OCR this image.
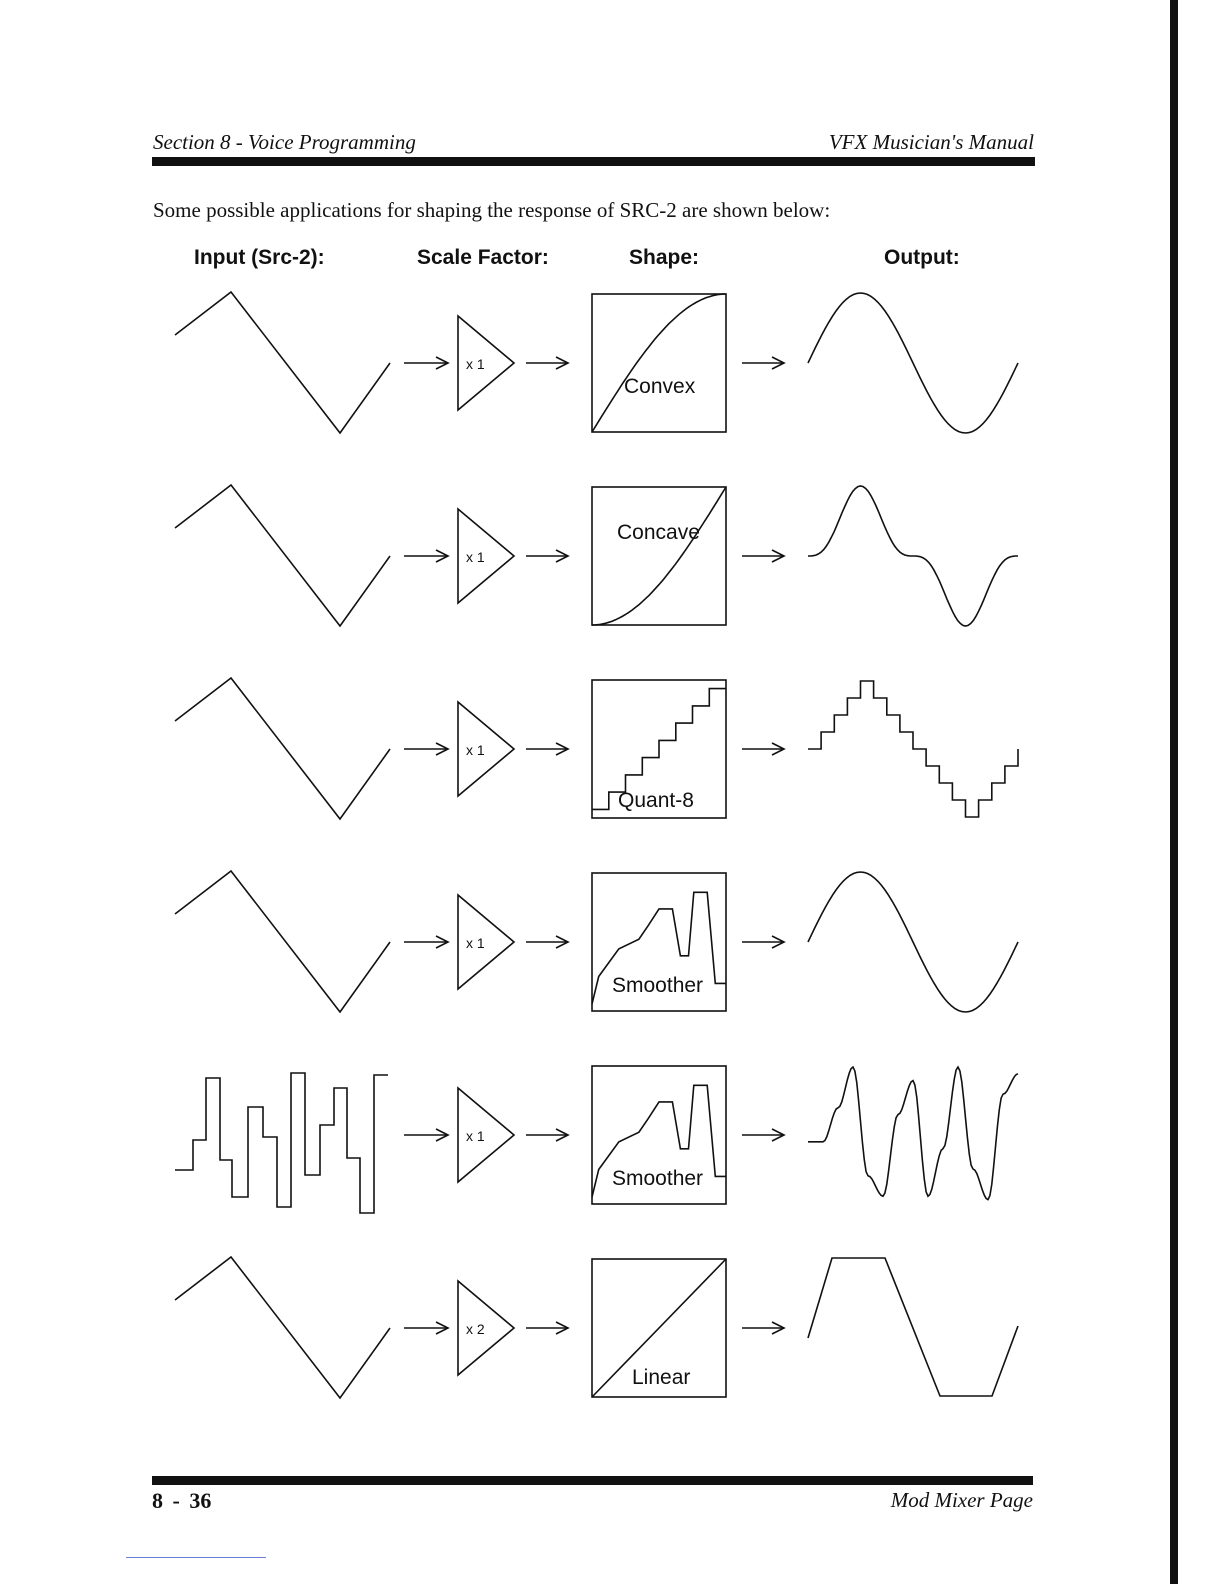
Section 8 - Voice Programming	VFX Musician's Manual
Some possible applications for shaping the response of SRC-2 are shown below:
Input (Src-2):	Scale Factor:	Shape:	Output:
x 1
Convex
x 1
Concave
x 1
Quant-8
x 1
Smoother
x 1
Smoother
x 2
Linear
8 - 36	Mod Mixer Page
